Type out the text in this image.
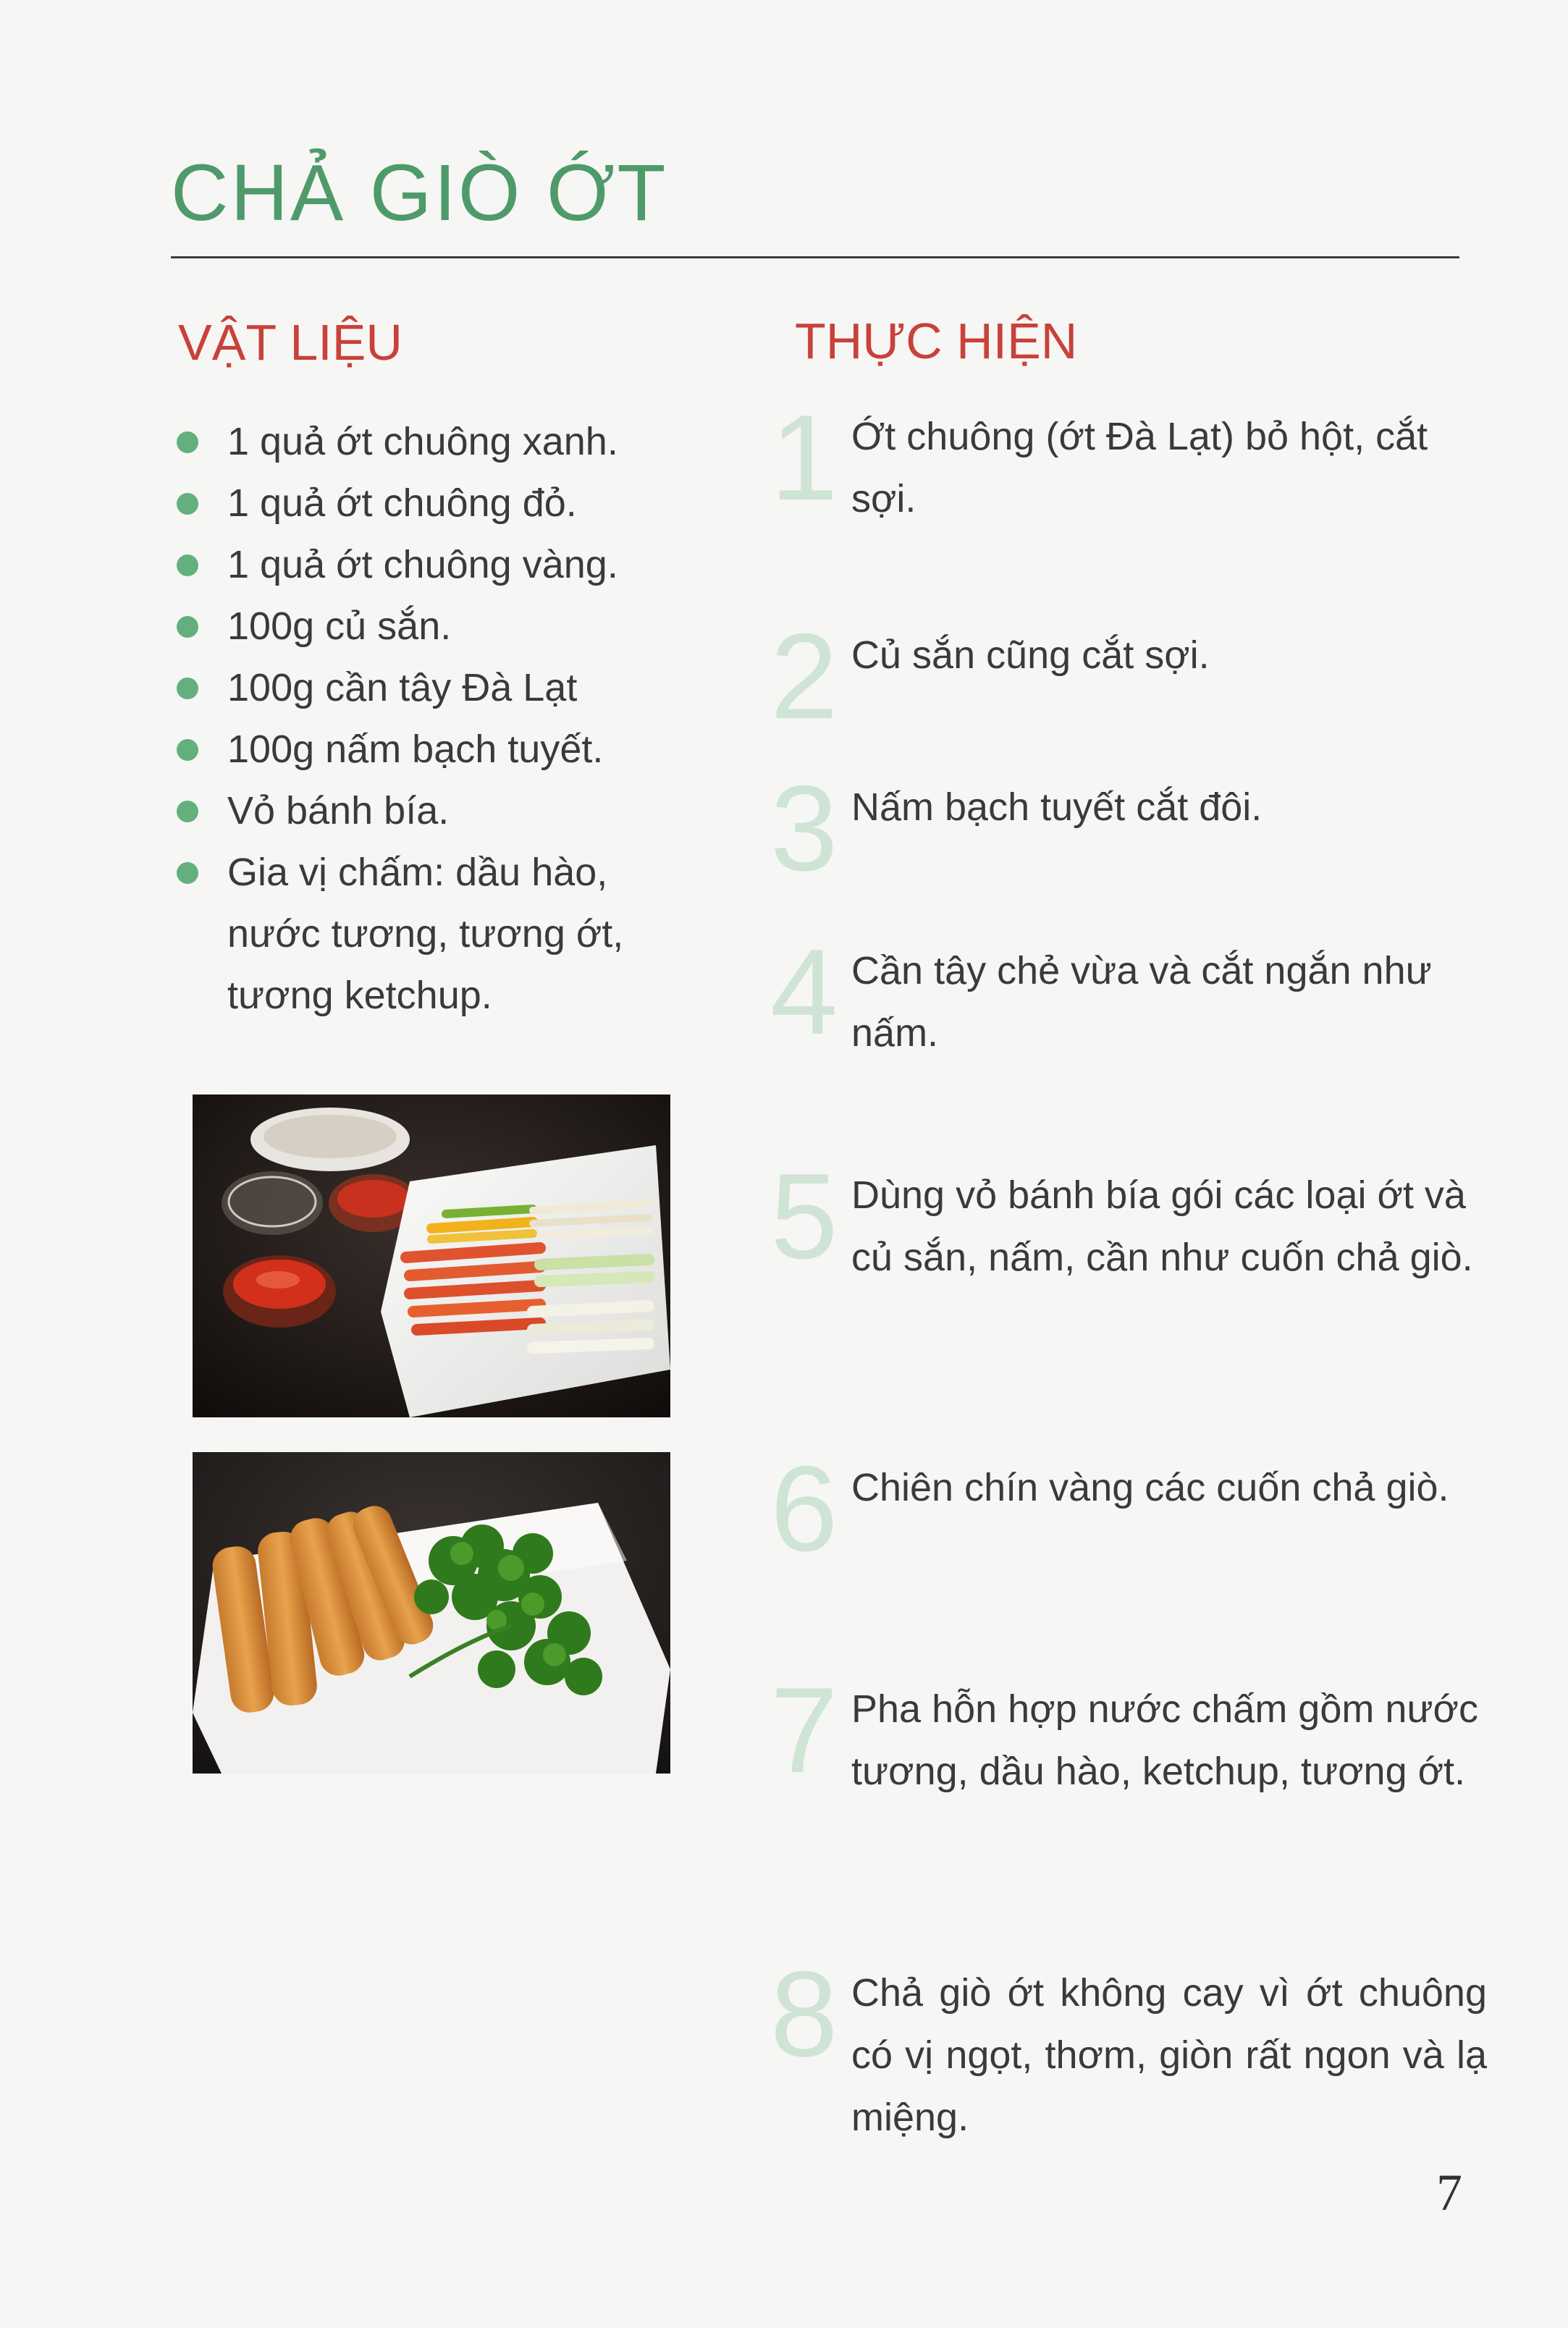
CHẢ GIÒ ỚT
VẬT LIỆU	THỰC HIỆN
1 quả ớt chuông xanh.
1 quả ớt chuông đỏ.
1 quả ớt chuông vàng.
100g củ sắn.
100g cần tây Đà Lạt
100g nấm bạch tuyết.
Vỏ bánh bía.
Gia vị chấm: dầu hào, nước tương, tương ớt, tương ketchup.
1 Ớt chuông (ớt Đà Lạt) bỏ hột, cắt sợi.
2 Củ sắn cũng cắt sợi.
3 Nấm bạch tuyết cắt đôi.
4 Cần tây chẻ vừa và cắt ngắn như nấm.
5 Dùng vỏ bánh bía gói các loại ớt và củ sắn, nấm, cần như cuốn chả giò.
6 Chiên chín vàng các cuốn chả giò.
7 Pha hỗn hợp nước chấm gồm nước tương, dầu hào, ketchup, tương ớt.
8 Chả giò ớt không cay vì ớt chuông có vị ngọt, thơm, giòn rất ngon và lạ miệng.
7
